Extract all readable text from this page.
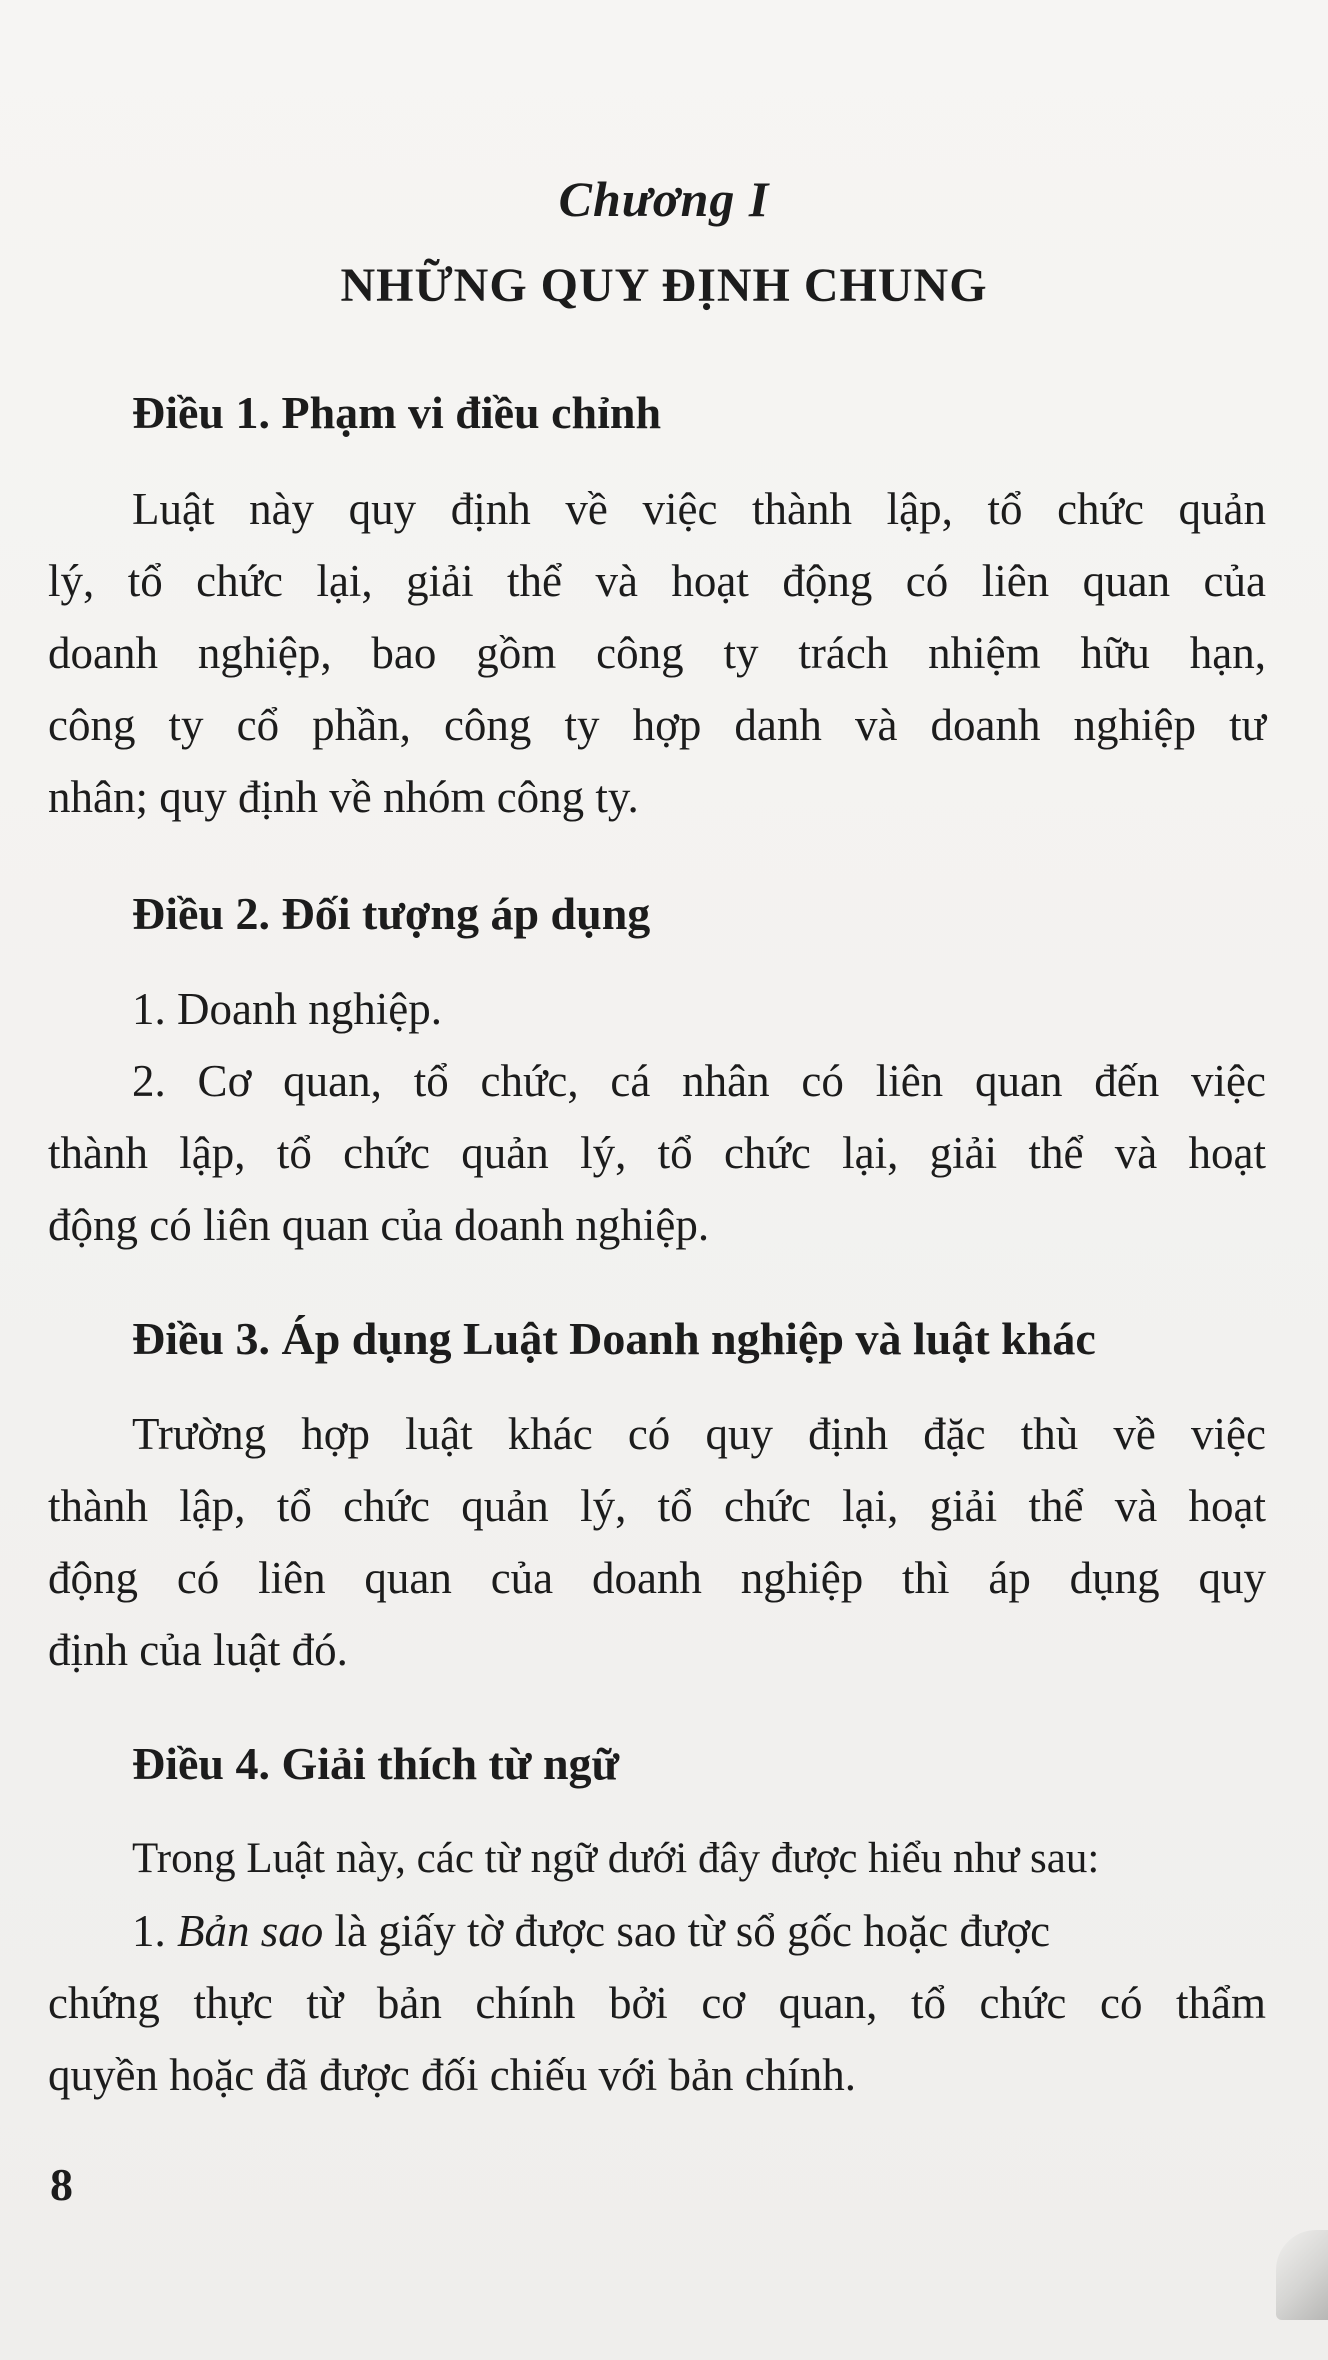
Chương I
NHỮNG QUY ĐỊNH CHUNG
Điều 1. Phạm vi điều chỉnh
Luật này quy định về việc thành lập, tổ chức quản
lý, tổ chức lại, giải thể và hoạt động có liên quan của
doanh nghiệp, bao gồm công ty trách nhiệm hữu hạn,
công ty cổ phần, công ty hợp danh và doanh nghiệp tư
nhân; quy định về nhóm công ty.
Điều 2. Đối tượng áp dụng
1. Doanh nghiệp.
2. Cơ quan, tổ chức, cá nhân có liên quan đến việc
thành lập, tổ chức quản lý, tổ chức lại, giải thể và hoạt
động có liên quan của doanh nghiệp.
Điều 3. Áp dụng Luật Doanh nghiệp và luật khác
Trường hợp luật khác có quy định đặc thù về việc
thành lập, tổ chức quản lý, tổ chức lại, giải thể và hoạt
động có liên quan của doanh nghiệp thì áp dụng quy
định của luật đó.
Điều 4. Giải thích từ ngữ
Trong Luật này, các từ ngữ dưới đây được hiểu như sau:
1. Bản sao là giấy tờ được sao từ sổ gốc hoặc được
chứng thực từ bản chính bởi cơ quan, tổ chức có thẩm
quyền hoặc đã được đối chiếu với bản chính.
8
